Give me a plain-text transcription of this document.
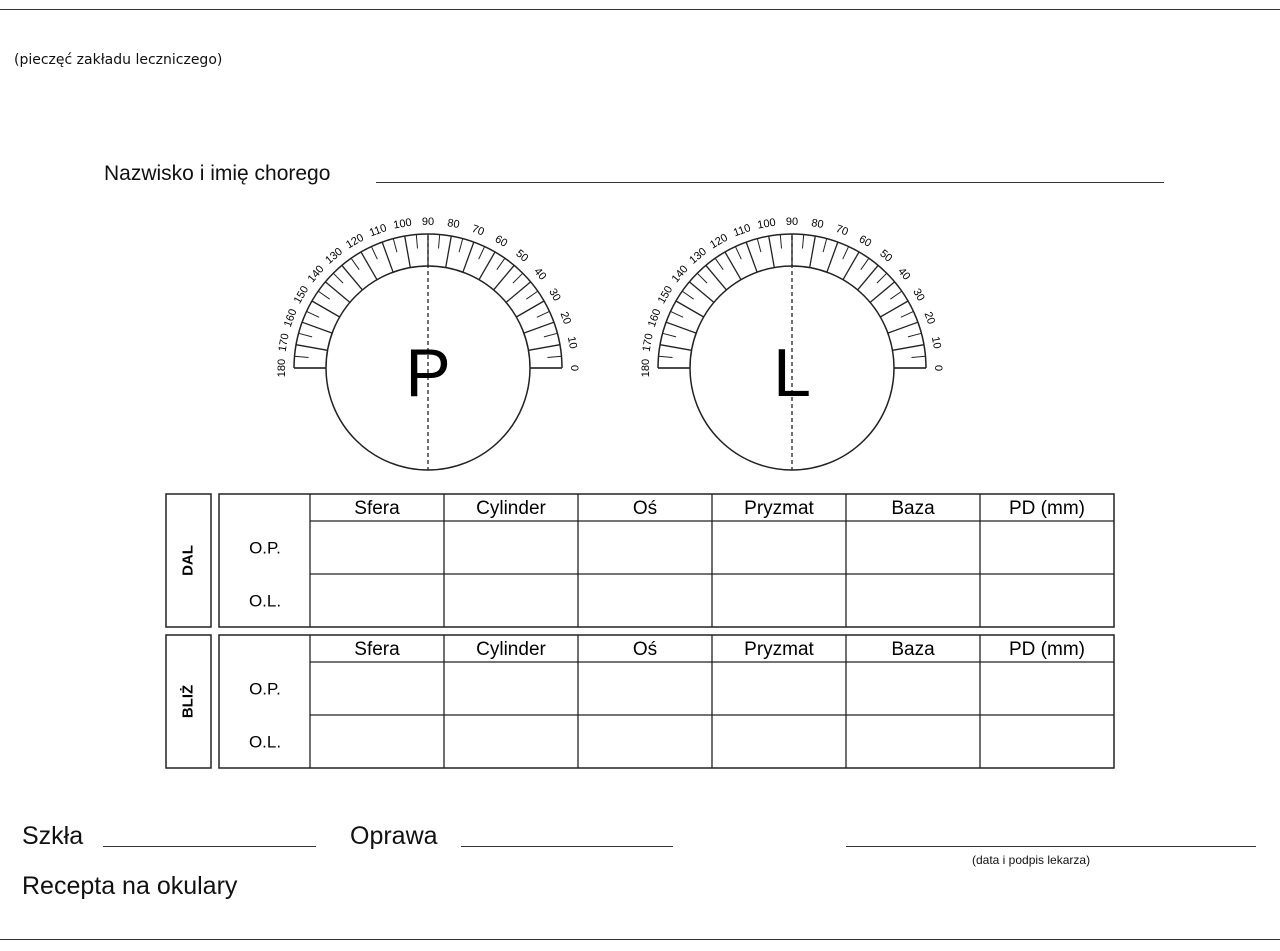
(pieczęć zakładu leczniczego)
Nazwisko i imię chorego
0
10
20
30
40
50
60
70
80
90
100
110
120
130
140
150
160
170
180 P	0
10
20
30
40
50
60
70
80
90
100
110
120
130
140
150
160
170
180 L
DAL
Sfera	Cylinder	Oś	Pryzmat	Baza	PD (mm)
O.P.
O.L.
BLIŻ
Sfera	Cylinder	Oś	Pryzmat	Baza	PD (mm)
O.P.
O.L.
Szkła	Oprawa
(data i podpis lekarza)
Recepta na okulary
